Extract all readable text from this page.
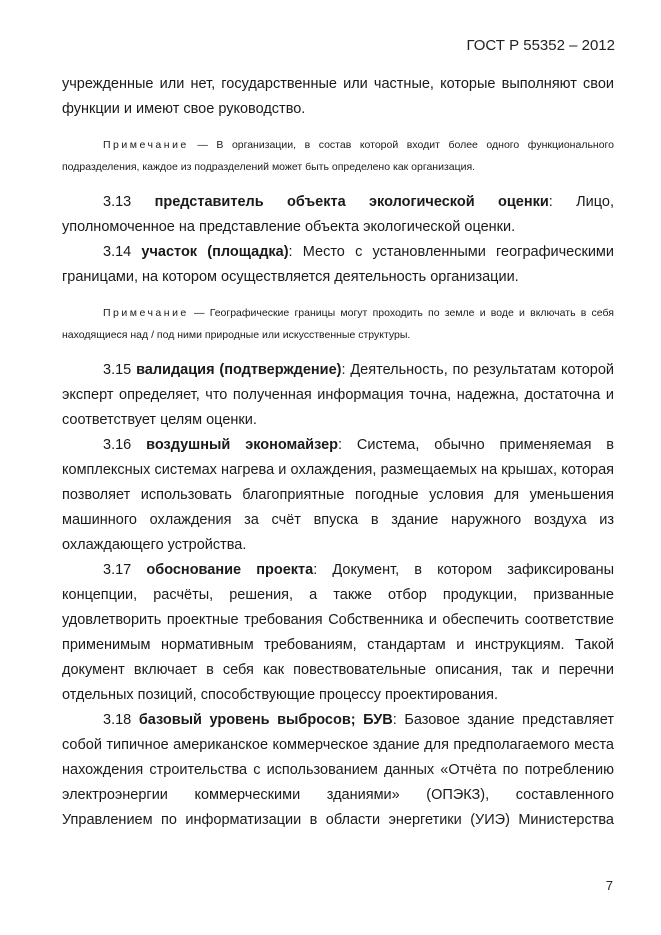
ГОСТ Р 55352 – 2012

учрежденные или нет, государственные или частные, которые выполняют свои функции и имеют свое руководство.

Примечание — В организации, в состав которой входит более одного функционального подразделения, каждое из подразделений может быть определено как организация.

3.13 представитель объекта экологической оценки: Лицо, уполномоченное на представление объекта экологической оценки.

3.14 участок (площадка): Место с установленными географическими границами, на котором осуществляется деятельность организации.

Примечание — Географические границы могут проходить по земле и воде и включать в себя находящиеся над / под ними природные или искусственные структуры.

3.15 валидация (подтверждение): Деятельность, по результатам которой эксперт определяет, что полученная информация точна, надежна, достаточна и соответствует целям оценки.

3.16 воздушный экономайзер: Система, обычно применяемая в комплексных системах нагрева и охлаждения, размещаемых на крышах, которая позволяет использовать благоприятные погодные условия для уменьшения машинного охлаждения за счёт впуска в здание наружного воздуха из охлаждающего устройства.

3.17 обоснование проекта: Документ, в котором зафиксированы концепции, расчёты, решения, а также отбор продукции, призванные удовлетворить проектные требования Собственника и обеспечить соответствие применимым нормативным требованиям, стандартам и инструкциям. Такой документ включает в себя как повествовательные описания, так и перечни отдельных позиций, способствующие процессу проектирования.

3.18 базовый уровень выбросов; БУВ: Базовое здание представляет собой типичное американское коммерческое здание для предполагаемого места нахождения строительства с использованием данных «Отчёта по потреблению электроэнергии коммерческими зданиями» (ОПЭКЗ), составленного Управлением по информатизации в области энергетики (УИЭ) Министерства

7
